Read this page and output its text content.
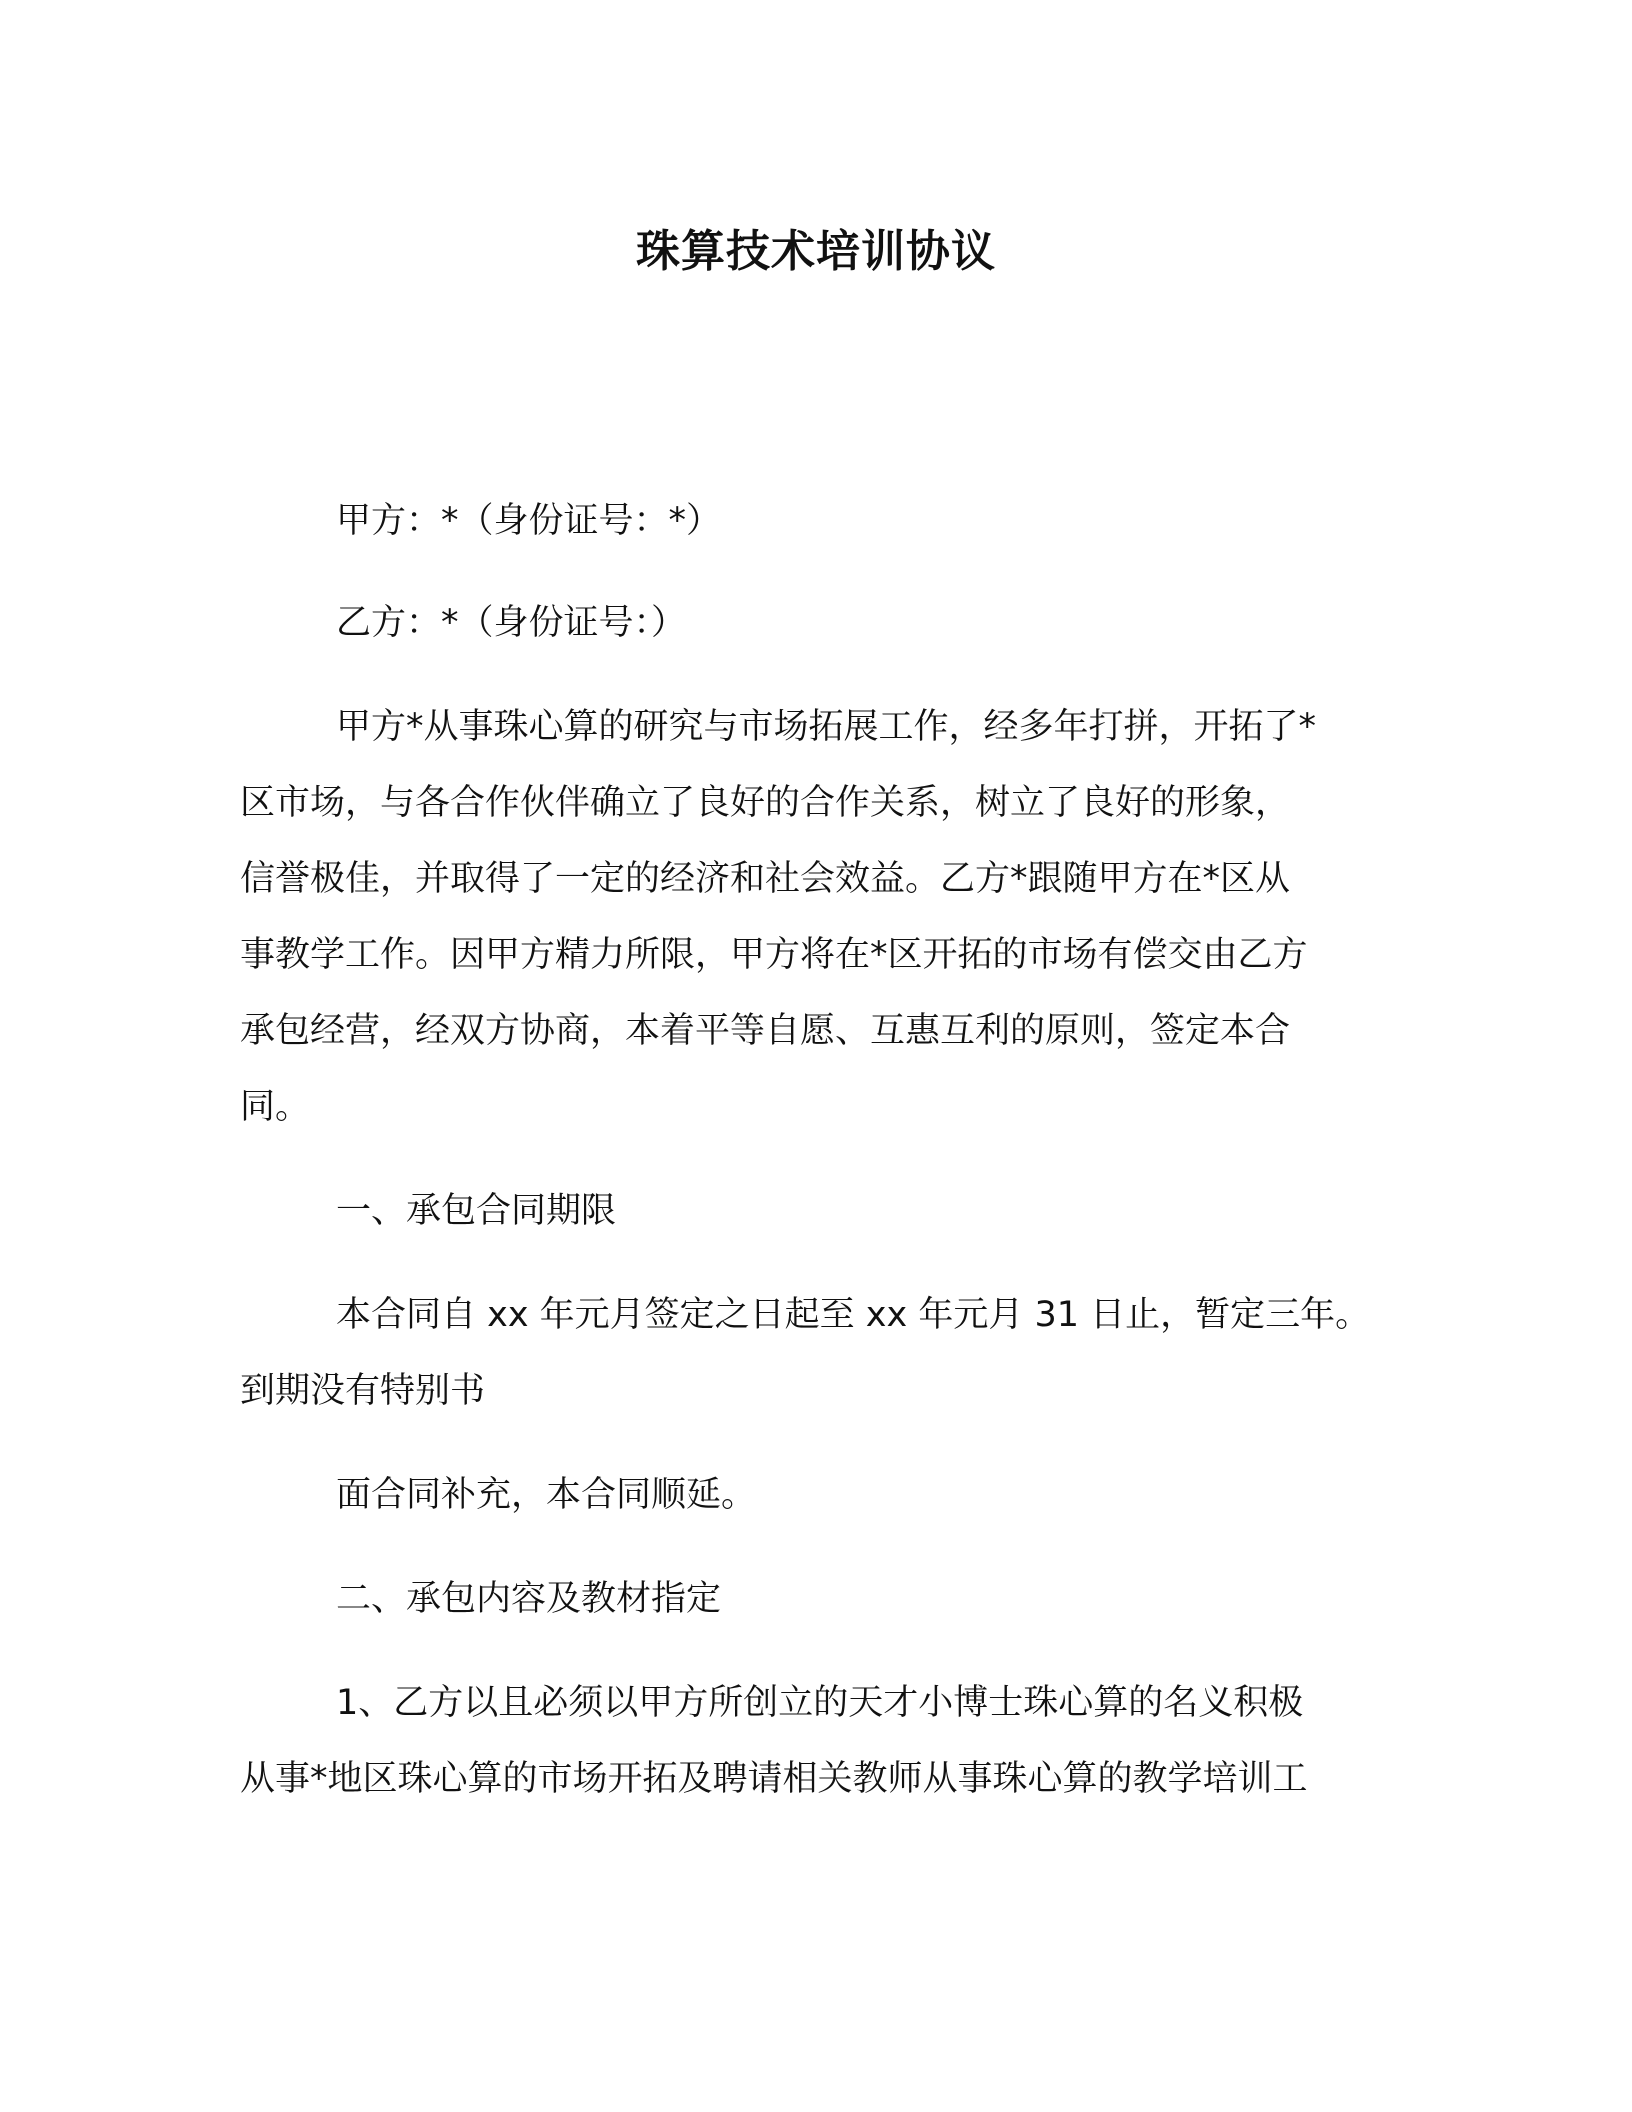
珠算技术培训协议
甲方：*（身份证号：*）
乙方：*（身份证号：）
甲方*从事珠心算的研究与市场拓展工作，经多年打拼，开拓了*
区市场，与各合作伙伴确立了良好的合作关系，树立了良好的形象，
信誉极佳，并取得了一定的经济和社会效益。乙方*跟随甲方在*区从
事教学工作。因甲方精力所限，甲方将在*区开拓的市场有偿交由乙方
承包经营，经双方协商，本着平等自愿、互惠互利的原则，签定本合
同。
一、承包合同期限
本合同自 xx 年元月签定之日起至 xx 年元月 31 日止，暂定三年。
到期没有特别书
面合同补充，本合同顺延。
二、承包内容及教材指定
1、乙方以且必须以甲方所创立的天才小博士珠心算的名义积极
从事*地区珠心算的市场开拓及聘请相关教师从事珠心算的教学培训工
